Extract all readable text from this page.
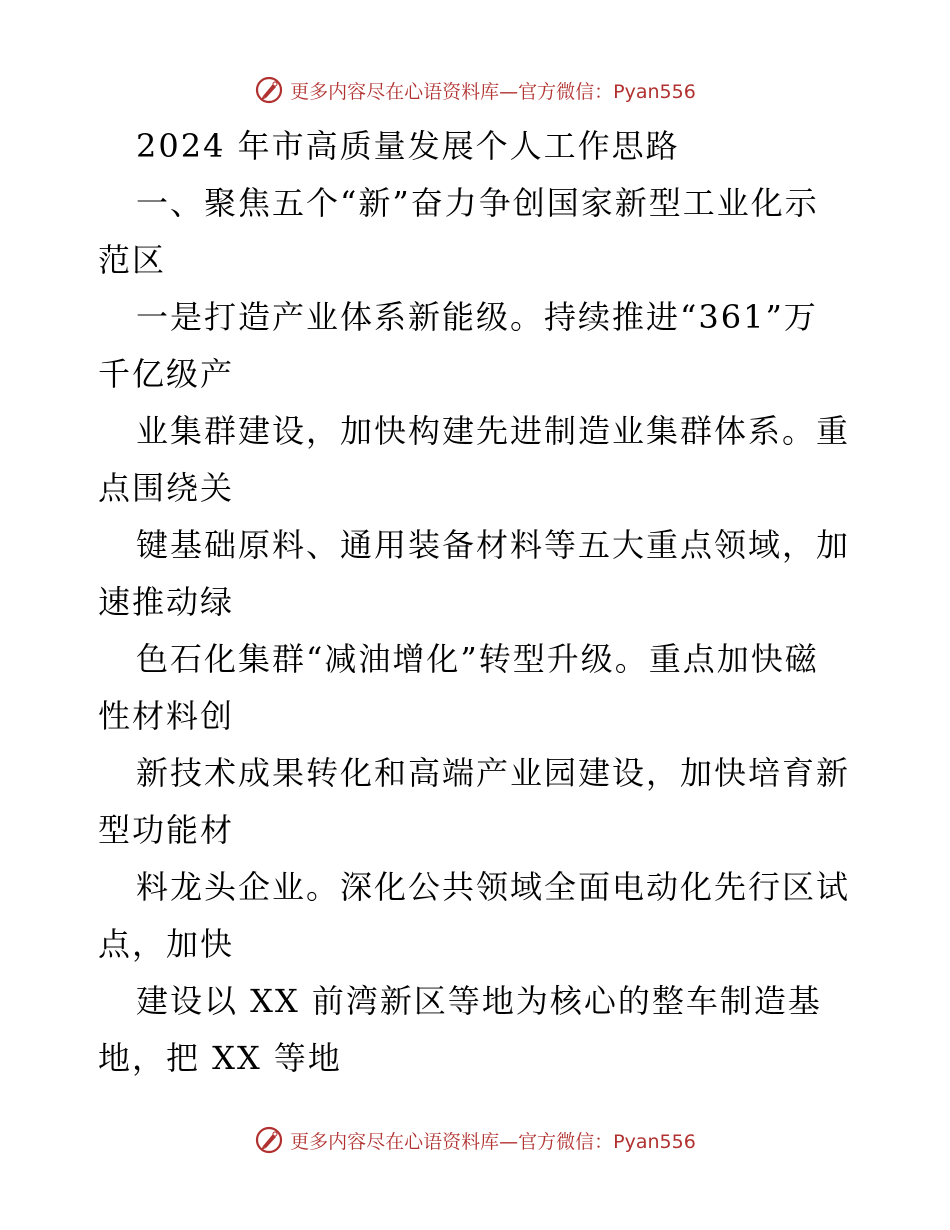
更多内容尽在心语资料库—官方微信：Pyan556
2024 年市高质量发展个人工作思路
一、聚焦五个“新”奋力争创国家新型工业化示
范区
一是打造产业体系新能级。持续推进“361”万
千亿级产
业集群建设，加快构建先进制造业集群体系。重
点围绕关
键基础原料、通用装备材料等五大重点领域，加
速推动绿
色石化集群“减油增化”转型升级。重点加快磁
性材料创
新技术成果转化和高端产业园建设，加快培育新
型功能材
料龙头企业。深化公共领域全面电动化先行区试
点，加快
建设以 XX 前湾新区等地为核心的整车制造基
地，把 XX 等地
更多内容尽在心语资料库—官方微信：Pyan556
